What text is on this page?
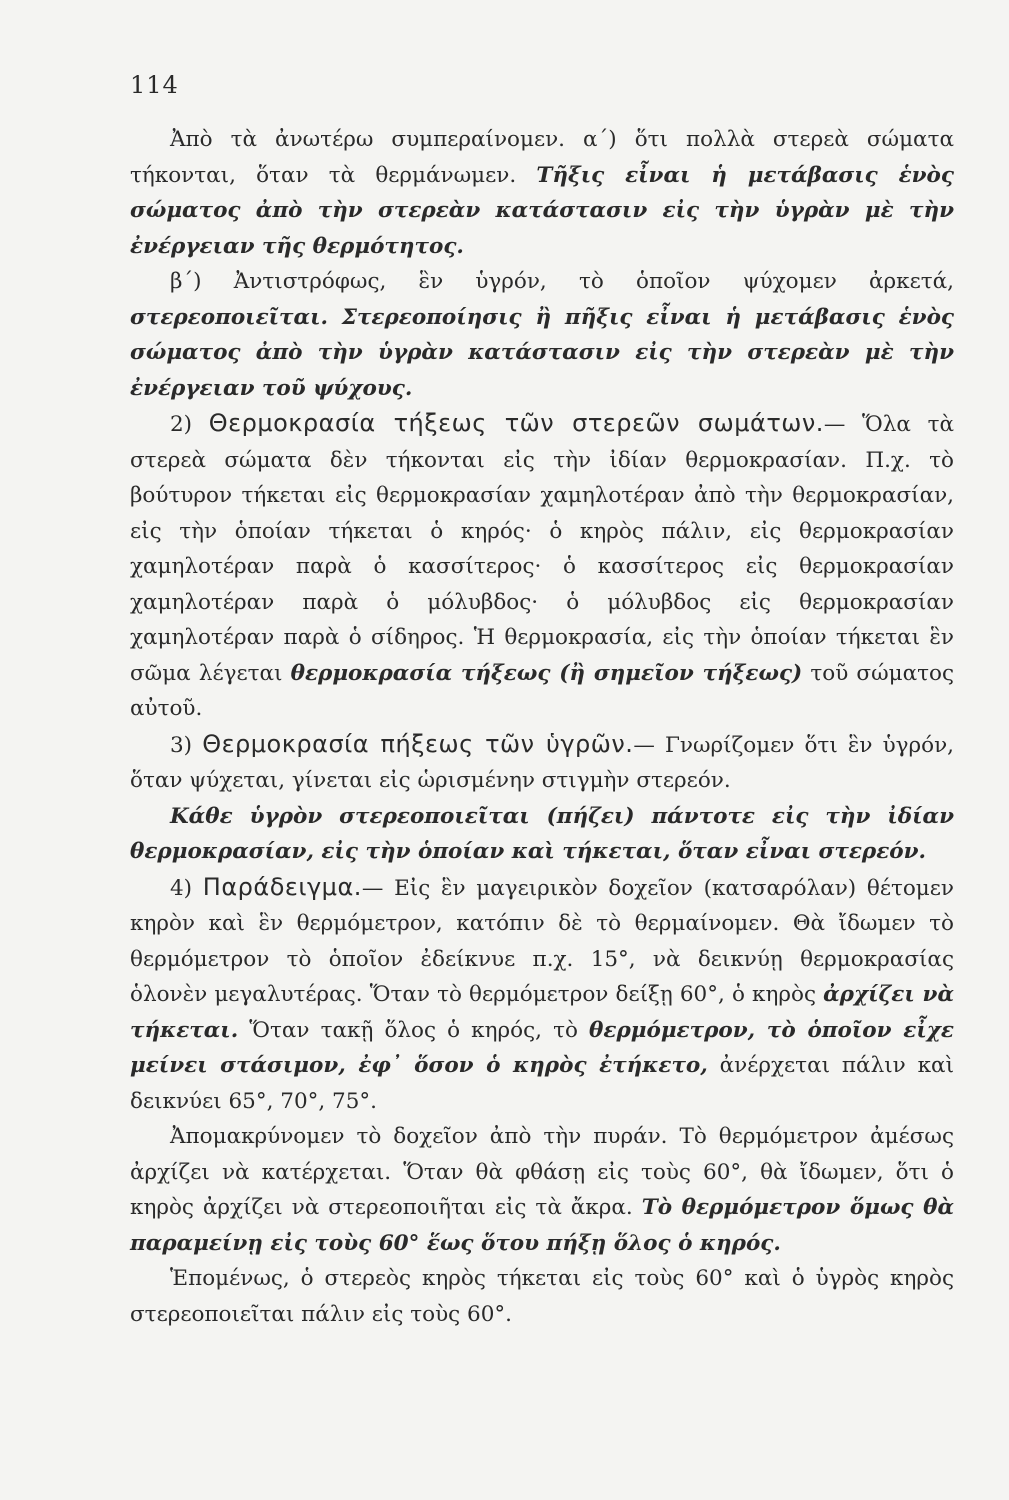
114

Ἀπὸ τὰ ἀνωτέρω συμπεραίνομεν. α΄) ὅτι πολλὰ στερεὰ σώματα τήκονται, ὅταν τὰ θερμάνωμεν. Τῆξις εἶναι ἡ μετάβασις ἑνὸς σώματος ἀπὸ τὴν στερεὰν κατάστασιν εἰς τὴν ὑγρὰν μὲ τὴν ἐνέργειαν τῆς θερμότητος.

β΄) Ἀντιστρόφως, ἓν ὑγρόν, τὸ ὁποῖον ψύχομεν ἀρκετά, στερεοποιεῖται. Στερεοποίησις ἢ πῆξις εἶναι ἡ μετάβασις ἑνὸς σώματος ἀπὸ τὴν ὑγρὰν κατάστασιν εἰς τὴν στερεὰν μὲ τὴν ἐνέργειαν τοῦ ψύχους.

2) Θερμοκρασία τήξεως τῶν στερεῶν σωμάτων.— Ὅλα τὰ στερεὰ σώματα δὲν τήκονται εἰς τὴν ἰδίαν θερμοκρασίαν. Π.χ. τὸ βούτυρον τήκεται εἰς θερμοκρασίαν χαμηλοτέραν ἀπὸ τὴν θερμοκρασίαν, εἰς τὴν ὁποίαν τήκεται ὁ κηρός· ὁ κηρὸς πάλιν, εἰς θερμοκρασίαν χαμηλοτέραν παρὰ ὁ κασσίτερος· ὁ κασσίτερος εἰς θερμοκρασίαν χαμηλοτέραν παρὰ ὁ μόλυβδος· ὁ μόλυβδος εἰς θερμοκρασίαν χαμηλοτέραν παρὰ ὁ σίδηρος. Ἡ θερμοκρασία, εἰς τὴν ὁποίαν τήκεται ἓν σῶμα λέγεται θερμοκρασία τήξεως (ἢ σημεῖον τήξεως) τοῦ σώματος αὐτοῦ.

3) Θερμοκρασία πήξεως τῶν ὑγρῶν.— Γνωρίζομεν ὅτι ἓν ὑγρόν, ὅταν ψύχεται, γίνεται εἰς ὡρισμένην στιγμὴν στερεόν.

Κάθε ὑγρὸν στερεοποιεῖται (πήζει) πάντοτε εἰς τὴν ἰδίαν θερμοκρασίαν, εἰς τὴν ὁποίαν καὶ τήκεται, ὅταν εἶναι στερεόν.

4) Παράδειγμα.— Εἰς ἓν μαγειρικὸν δοχεῖον (κατσαρόλαν) θέτομεν κηρὸν καὶ ἓν θερμόμετρον, κατόπιν δὲ τὸ θερμαίνομεν. Θὰ ἴδωμεν τὸ θερμόμετρον τὸ ὁποῖον ἐδείκνυε π.χ. 15°, νὰ δεικνύῃ θερμοκρασίας ὁλονὲν μεγαλυτέρας. Ὅταν τὸ θερμόμετρον δείξῃ 60°, ὁ κηρὸς ἀρχίζει νὰ τήκεται. Ὅταν τακῇ ὅλος ὁ κηρός, τὸ θερμόμετρον, τὸ ὁποῖον εἶχε μείνει στάσιμον, ἐφ᾽ ὅσον ὁ κηρὸς ἐτήκετο, ἀνέρχεται πάλιν καὶ δεικνύει 65°, 70°, 75°.

Ἀπομακρύνομεν τὸ δοχεῖον ἀπὸ τὴν πυράν. Τὸ θερμόμετρον ἀμέσως ἀρχίζει νὰ κατέρχεται. Ὅταν θὰ φθάσῃ εἰς τοὺς 60°, θὰ ἴδωμεν, ὅτι ὁ κηρὸς ἀρχίζει νὰ στερεοποιῆται εἰς τὰ ἄκρα. Τὸ θερμόμετρον ὅμως θὰ παραμείνῃ εἰς τοὺς 60° ἕως ὅτου πήξῃ ὅλος ὁ κηρός.

Ἑπομένως, ὁ στερεὸς κηρὸς τήκεται εἰς τοὺς 60° καὶ ὁ ὑγρὸς κηρὸς στερεοποιεῖται πάλιν εἰς τοὺς 60°.
